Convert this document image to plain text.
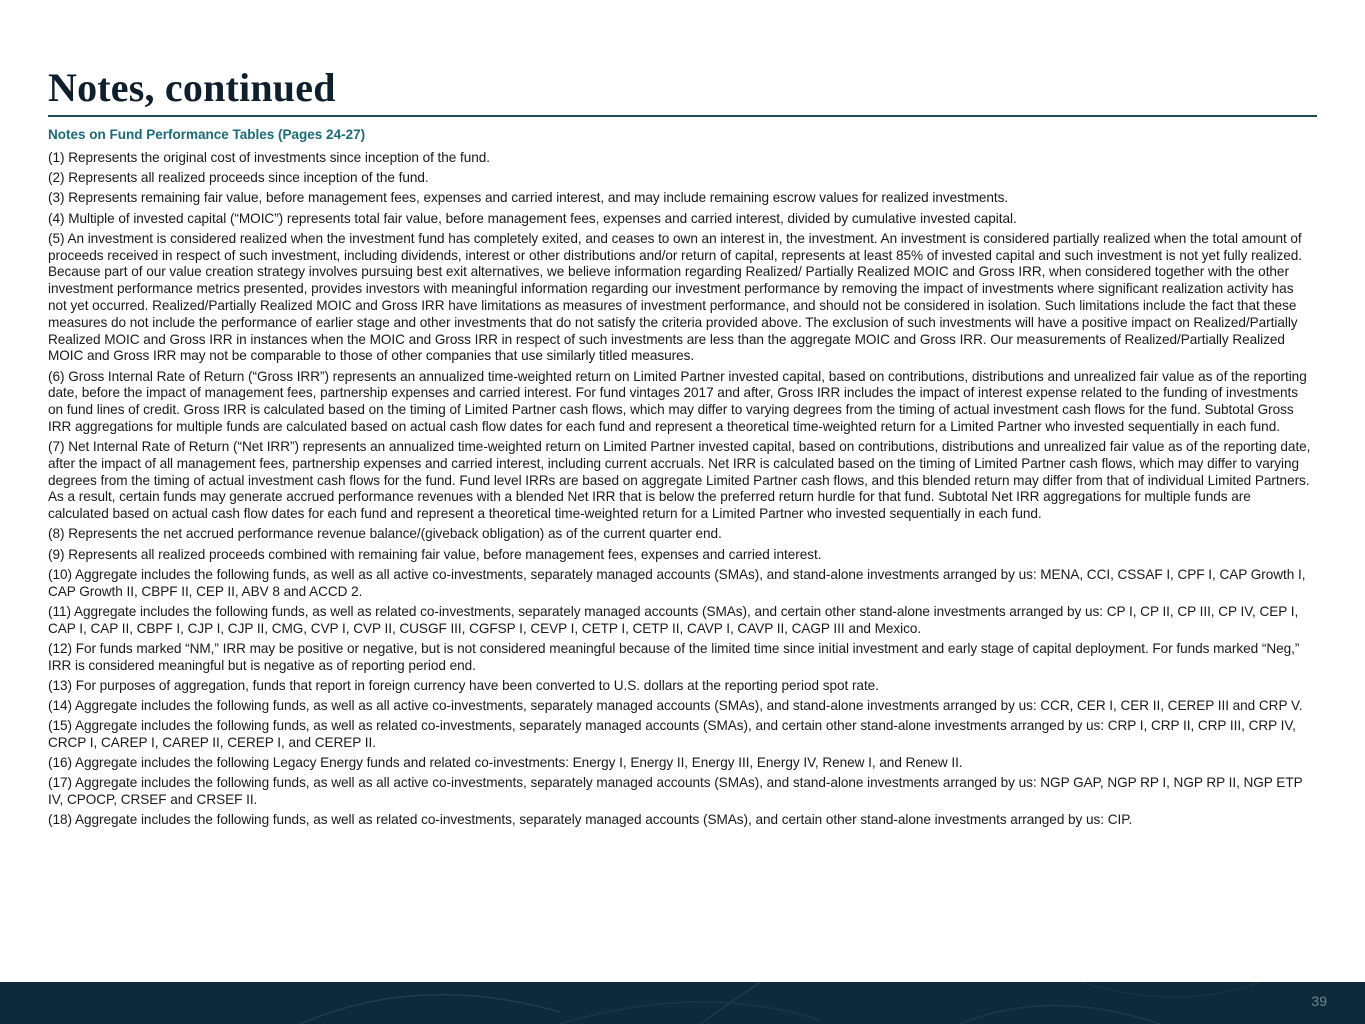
Notes, continued
Notes on Fund Performance Tables (Pages 24-27)
(1) Represents the original cost of investments since inception of the fund.
(2) Represents all realized proceeds since inception of the fund.
(3) Represents remaining fair value, before management fees, expenses and carried interest, and may include remaining escrow values for realized investments.
(4) Multiple of invested capital (“MOIC”) represents total fair value, before management fees, expenses and carried interest, divided by cumulative invested capital.
(5) An investment is considered realized when the investment fund has completely exited, and ceases to own an interest in, the investment. An investment is considered partially realized when the total amount of proceeds received in respect of such investment, including dividends, interest or other distributions and/or return of capital, represents at least 85% of invested capital and such investment is not yet fully realized. Because part of our value creation strategy involves pursuing best exit alternatives, we believe information regarding Realized/ Partially Realized MOIC and Gross IRR, when considered together with the other investment performance metrics presented, provides investors with meaningful information regarding our investment performance by removing the impact of investments where significant realization activity has not yet occurred. Realized/Partially Realized MOIC and Gross IRR have limitations as measures of investment performance, and should not be considered in isolation. Such limitations include the fact that these measures do not include the performance of earlier stage and other investments that do not satisfy the criteria provided above. The exclusion of such investments will have a positive impact on Realized/Partially Realized MOIC and Gross IRR in instances when the MOIC and Gross IRR in respect of such investments are less than the aggregate MOIC and Gross IRR. Our measurements of Realized/Partially Realized MOIC and Gross IRR may not be comparable to those of other companies that use similarly titled measures.
(6) Gross Internal Rate of Return (“Gross IRR”) represents an annualized time-weighted return on Limited Partner invested capital, based on contributions, distributions and unrealized fair value as of the reporting date, before the impact of management fees, partnership expenses and carried interest. For fund vintages 2017 and after, Gross IRR includes the impact of interest expense related to the funding of investments on fund lines of credit. Gross IRR is calculated based on the timing of Limited Partner cash flows, which may differ to varying degrees from the timing of actual investment cash flows for the fund. Subtotal Gross IRR aggregations for multiple funds are calculated based on actual cash flow dates for each fund and represent a theoretical time-weighted return for a Limited Partner who invested sequentially in each fund.
(7) Net Internal Rate of Return (“Net IRR”) represents an annualized time-weighted return on Limited Partner invested capital, based on contributions, distributions and unrealized fair value as of the reporting date, after the impact of all management fees, partnership expenses and carried interest, including current accruals. Net IRR is calculated based on the timing of Limited Partner cash flows, which may differ to varying degrees from the timing of actual investment cash flows for the fund. Fund level IRRs are based on aggregate Limited Partner cash flows, and this blended return may differ from that of individual Limited Partners. As a result, certain funds may generate accrued performance revenues with a blended Net IRR that is below the preferred return hurdle for that fund. Subtotal Net IRR aggregations for multiple funds are calculated based on actual cash flow dates for each fund and represent a theoretical time-weighted return for a Limited Partner who invested sequentially in each fund.
(8) Represents the net accrued performance revenue balance/(giveback obligation) as of the current quarter end.
(9) Represents all realized proceeds combined with remaining fair value, before management fees, expenses and carried interest.
(10) Aggregate includes the following funds, as well as all active co-investments, separately managed accounts (SMAs), and stand-alone investments arranged by us: MENA, CCI, CSSAF I, CPF I, CAP Growth I, CAP Growth II, CBPF II, CEP II, ABV 8 and ACCD 2.
(11) Aggregate includes the following funds, as well as related co-investments, separately managed accounts (SMAs), and certain other stand-alone investments arranged by us: CP I, CP II, CP III, CP IV, CEP I, CAP I, CAP II, CBPF I, CJP I, CJP II, CMG, CVP I, CVP II, CUSGF III, CGFSP I, CEVP I, CETP I, CETP II, CAVP I, CAVP II, CAGP III and Mexico.
(12) For funds marked “NM,” IRR may be positive or negative, but is not considered meaningful because of the limited time since initial investment and early stage of capital deployment. For funds marked “Neg,” IRR is considered meaningful but is negative as of reporting period end.
(13) For purposes of aggregation, funds that report in foreign currency have been converted to U.S. dollars at the reporting period spot rate.
(14) Aggregate includes the following funds, as well as all active co-investments, separately managed accounts (SMAs), and stand-alone investments arranged by us: CCR, CER I, CER II, CEREP III and CRP V.
(15) Aggregate includes the following funds, as well as related co-investments, separately managed accounts (SMAs), and certain other stand-alone investments arranged by us: CRP I, CRP II, CRP III, CRP IV, CRCP I, CAREP I, CAREP II, CEREP I, and CEREP II.
(16) Aggregate includes the following Legacy Energy funds and related co-investments: Energy I, Energy II, Energy III, Energy IV, Renew I, and Renew II.
(17) Aggregate includes the following funds, as well as all active co-investments, separately managed accounts (SMAs), and stand-alone investments arranged by us: NGP GAP, NGP RP I, NGP RP II, NGP ETP IV, CPOCP, CRSEF and CRSEF II.
(18) Aggregate includes the following funds, as well as related co-investments, separately managed accounts (SMAs), and certain other stand-alone investments arranged by us: CIP.
39
